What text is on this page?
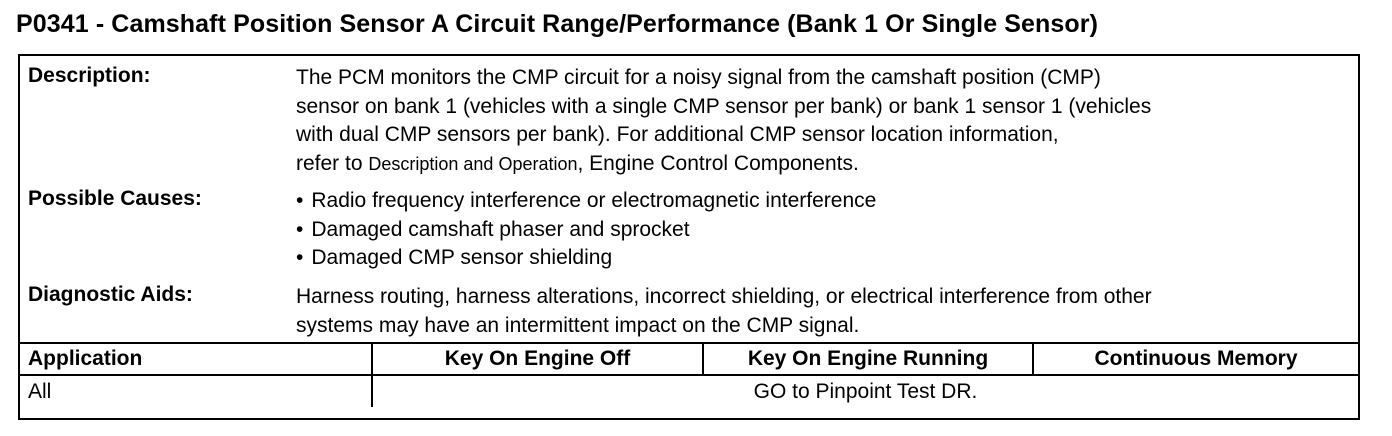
P0341 - Camshaft Position Sensor A Circuit Range/Performance (Bank 1 Or Single Sensor)
Description:	The PCM monitors the CMP circuit for a noisy signal from the camshaft position (CMP)
sensor on bank 1 (vehicles with a single CMP sensor per bank) or bank 1 sensor 1 (vehicles
with dual CMP sensors per bank). For additional CMP sensor location information,
refer to Description and Operation, Engine Control Components.
Possible Causes:	• Radio frequency interference or electromagnetic interference
• Damaged camshaft phaser and sprocket
• Damaged CMP sensor shielding
Diagnostic Aids:	Harness routing, harness alterations, incorrect shielding, or electrical interference from other
systems may have an intermittent impact on the CMP signal.
Application	Key On Engine Off	Key On Engine Running	Continuous Memory
All	GO to Pinpoint Test DR.		
